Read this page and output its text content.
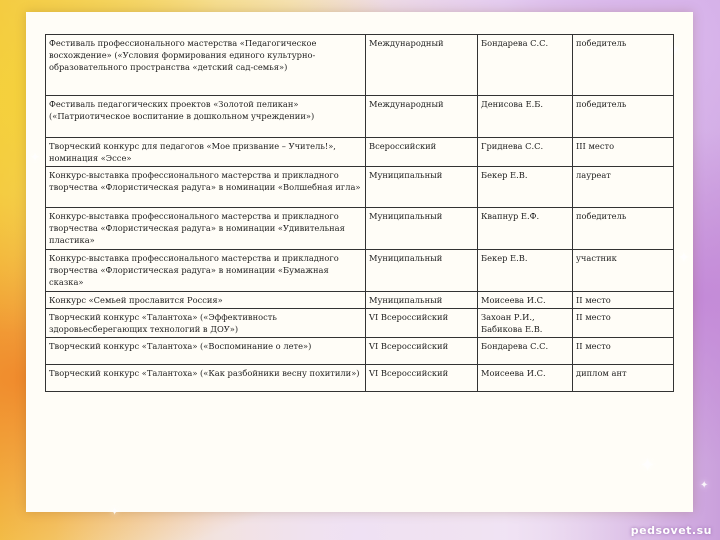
✦
✦
✦
✦
✦
✦
Фестиваль профессионального мастерства «Педагогическое восхождение» («Условия формирования единого культурно-образовательного пространства «детский сад-семья»)	Международный	Бондарева С.С.	победитель
Фестиваль педагогических проектов «Золотой пеликан» («Патриотическое воспитание в дошкольном учреждении»)	Международный	Денисова Е.Б.	победитель
Творческий конкурс для педагогов «Мое призвание – Учитель!», номинация «Эссе»	Всероссийский	Гриднева С.С.	III место
Конкурс-выставка профессионального мастерства и прикладного творчества «Флористическая радуга» в номинации «Волшебная игла»	Муниципальный	Бекер Е.В.	лауреат
Конкурс-выставка профессионального мастерства и прикладного творчества «Флористическая радуга» в номинации «Удивительная пластика»	Муниципальный	Квапнур Е.Ф.	победитель
Конкурс-выставка профессионального мастерства и прикладного творчества «Флористическая радуга» в номинации «Бумажная сказка»	Муниципальный	Бекер Е.В.	участник
Конкурс «Семьей прославится Россия»	Муниципальный	Моисеева И.С.	II место
Творческий конкурс «Талантоха» («Эффективность здоровьесберегающих технологий в ДОУ»)	VI Всероссийский	Захоан Р.И., Бабикова Е.В.	II место
Творческий конкурс «Талантоха» («Воспоминание о лете»)	VI Всероссийский	Бондарева С.С.	II место
Творческий конкурс «Талантоха» («Как разбойники весну похитили»)	VI Всероссийский	Моисеева И.С.	диплом ант
pedsovet.su
